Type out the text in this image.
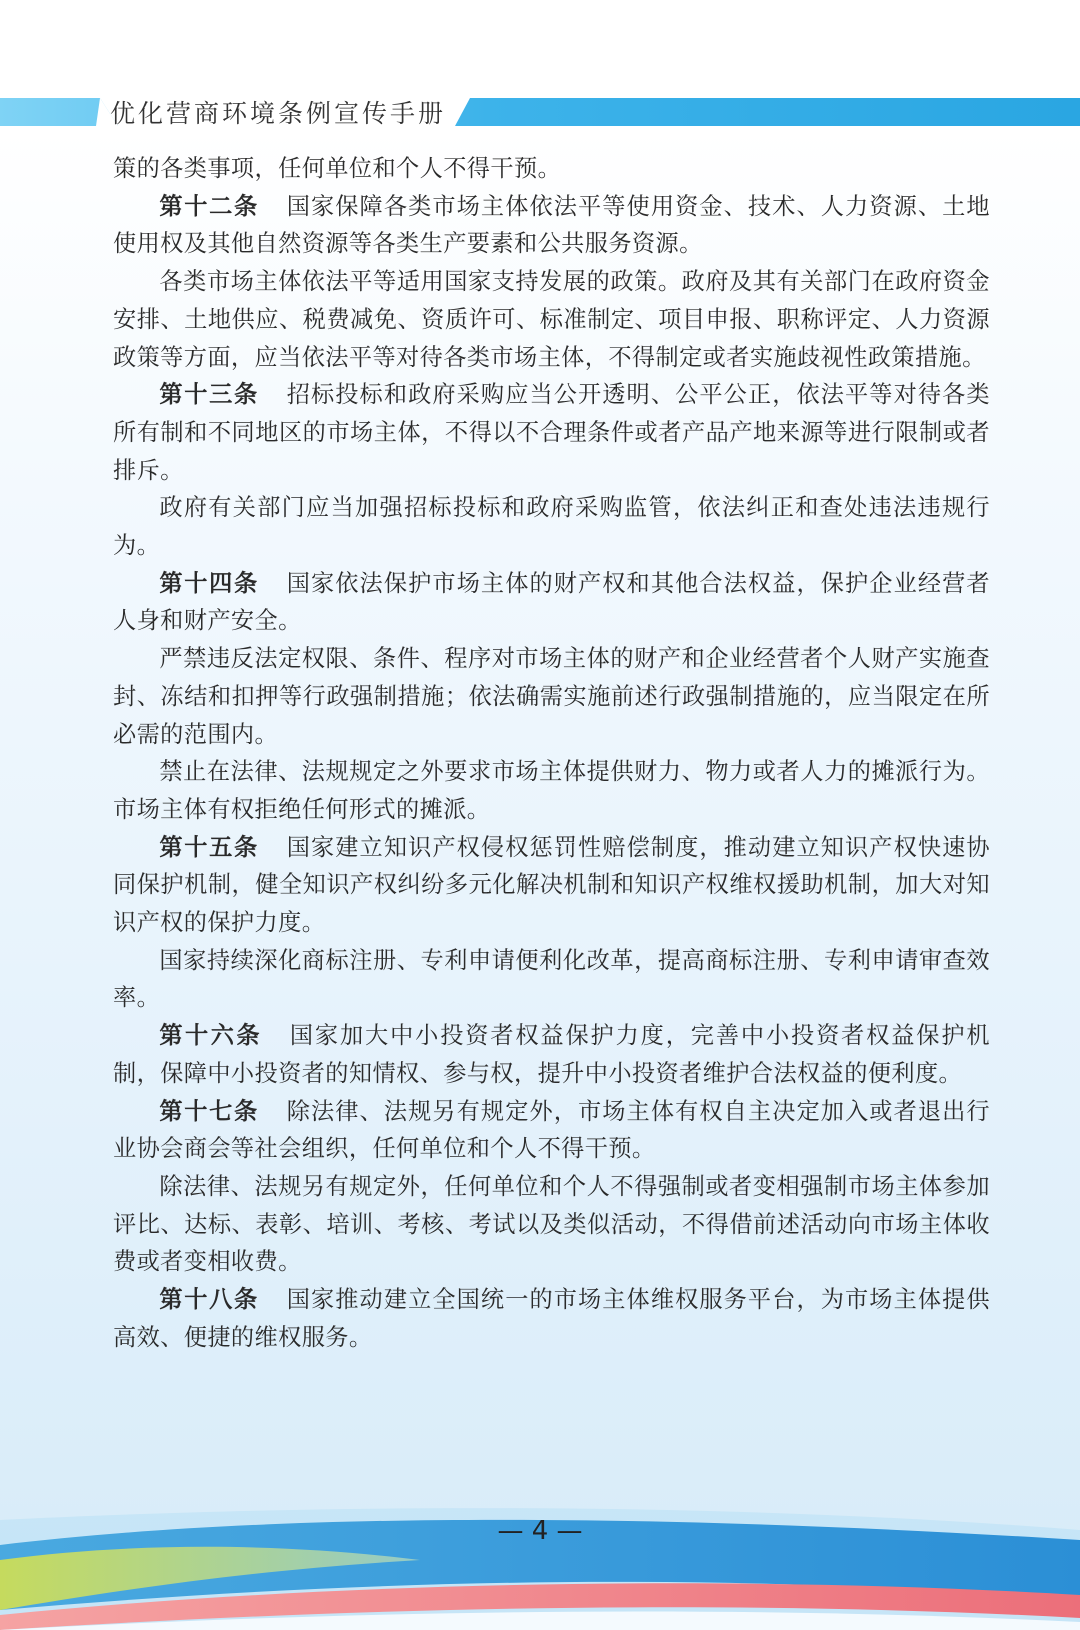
优化营商环境条例宣传手册

策的各类事项，任何单位和个人不得干预。

第十二条 国家保障各类市场主体依法平等使用资金、技术、人力资源、土地使用权及其他自然资源等各类生产要素和公共服务资源。

各类市场主体依法平等适用国家支持发展的政策。政府及其有关部门在政府资金安排、土地供应、税费减免、资质许可、标准制定、项目申报、职称评定、人力资源政策等方面，应当依法平等对待各类市场主体，不得制定或者实施歧视性政策措施。

第十三条 招标投标和政府采购应当公开透明、公平公正，依法平等对待各类所有制和不同地区的市场主体，不得以不合理条件或者产品产地来源等进行限制或者排斥。

政府有关部门应当加强招标投标和政府采购监管，依法纠正和查处违法违规行为。

第十四条 国家依法保护市场主体的财产权和其他合法权益，保护企业经营者人身和财产安全。

严禁违反法定权限、条件、程序对市场主体的财产和企业经营者个人财产实施查封、冻结和扣押等行政强制措施；依法确需实施前述行政强制措施的，应当限定在所必需的范围内。

禁止在法律、法规规定之外要求市场主体提供财力、物力或者人力的摊派行为。市场主体有权拒绝任何形式的摊派。

第十五条 国家建立知识产权侵权惩罚性赔偿制度，推动建立知识产权快速协同保护机制，健全知识产权纠纷多元化解决机制和知识产权维权援助机制，加大对知识产权的保护力度。

国家持续深化商标注册、专利申请便利化改革，提高商标注册、专利申请审查效率。

第十六条 国家加大中小投资者权益保护力度，完善中小投资者权益保护机制，保障中小投资者的知情权、参与权，提升中小投资者维护合法权益的便利度。

第十七条 除法律、法规另有规定外，市场主体有权自主决定加入或者退出行业协会商会等社会组织，任何单位和个人不得干预。

除法律、法规另有规定外，任何单位和个人不得强制或者变相强制市场主体参加评比、达标、表彰、培训、考核、考试以及类似活动，不得借前述活动向市场主体收费或者变相收费。

第十八条 国家推动建立全国统一的市场主体维权服务平台，为市场主体提供高效、便捷的维权服务。

— 4 —
